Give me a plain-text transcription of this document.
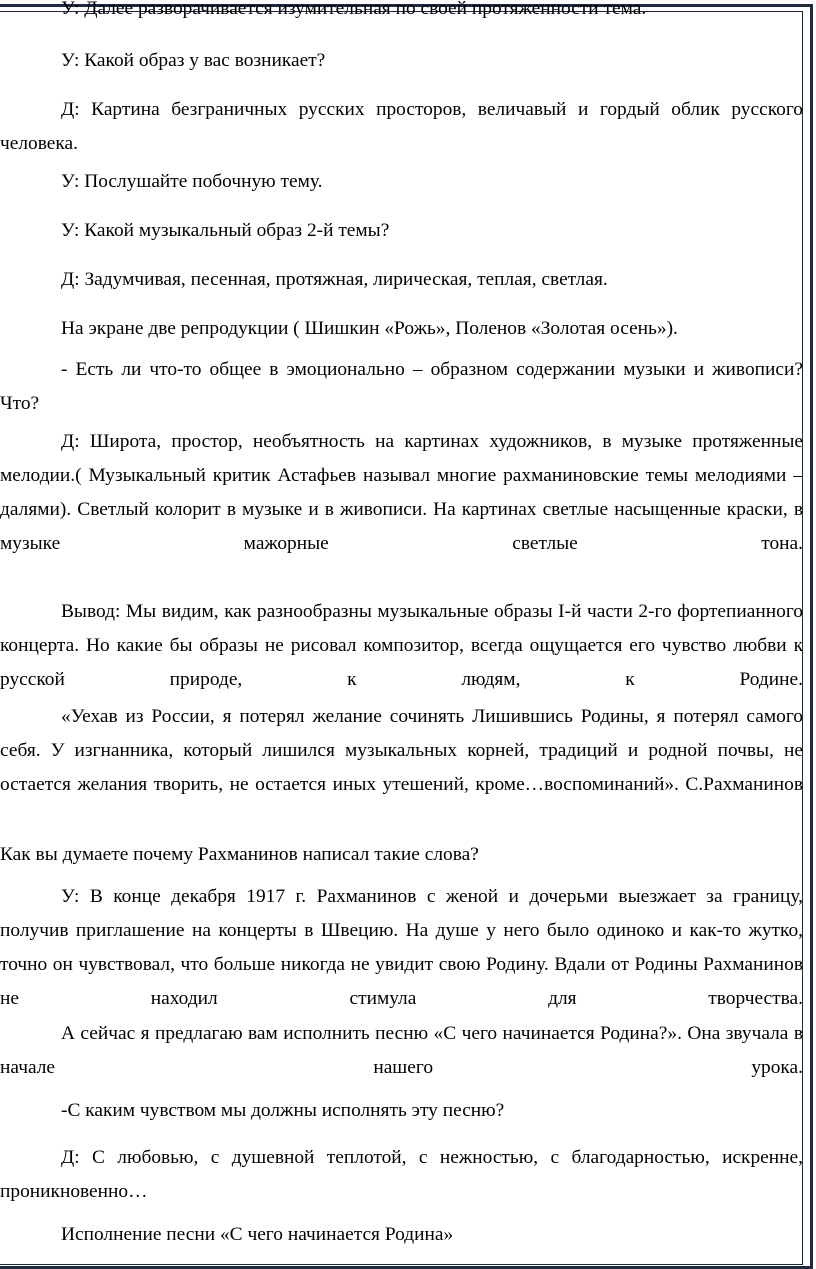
У: Далее разворачивается изумительная по своей протяженности тема.

У: Какой образ у вас возникает?

Д: Картина безграничных русских просторов, величавый и гордый облик русского человека.

У: Послушайте побочную тему.

У: Какой музыкальный образ 2-й темы?

Д: Задумчивая, песенная, протяжная, лирическая, теплая, светлая.

На экране две репродукции ( Шишкин «Рожь», Поленов «Золотая осень»).

- Есть ли что-то общее в эмоционально – образном содержании музыки и живописи? Что?

Д: Широта, простор, необъятность на картинах художников, в музыке протяженные мелодии.( Музыкальный критик Астафьев называл многие рахманиновские темы мелодиями – далями). Светлый колорит в музыке и в живописи. На картинах светлые насыщенные краски, в музыке мажорные светлые тона.

Вывод: Мы видим, как разнообразны музыкальные образы I-й части 2-го фортепианного концерта. Но какие бы образы не рисовал композитор, всегда ощущается его чувство любви к русской природе, к людям, к Родине.

«Уехав из России, я потерял желание сочинять Лишившись Родины, я потерял самого себя. У изгнанника, который лишился музыкальных корней, традиций и родной почвы, не остается желания творить, не остается иных утешений, кроме…воспоминаний». С.Рахманинов

Как вы думаете почему Рахманинов написал такие слова?

У: В конце декабря 1917 г. Рахманинов с женой и дочерьми выезжает за границу, получив приглашение на концерты в Швецию. На душе у него было одиноко и как-то жутко, точно он чувствовал, что больше никогда не увидит свою Родину. Вдали от Родины Рахманинов не находил стимула для творчества.

А сейчас я предлагаю вам исполнить песню «С чего начинается Родина?». Она звучала в начале нашего урока.

-С каким чувством мы должны исполнять эту песню?

Д: С любовью, с душевной теплотой, с нежностью, с благодарностью, искренне, проникновенно…

Исполнение песни «С чего начинается Родина»
